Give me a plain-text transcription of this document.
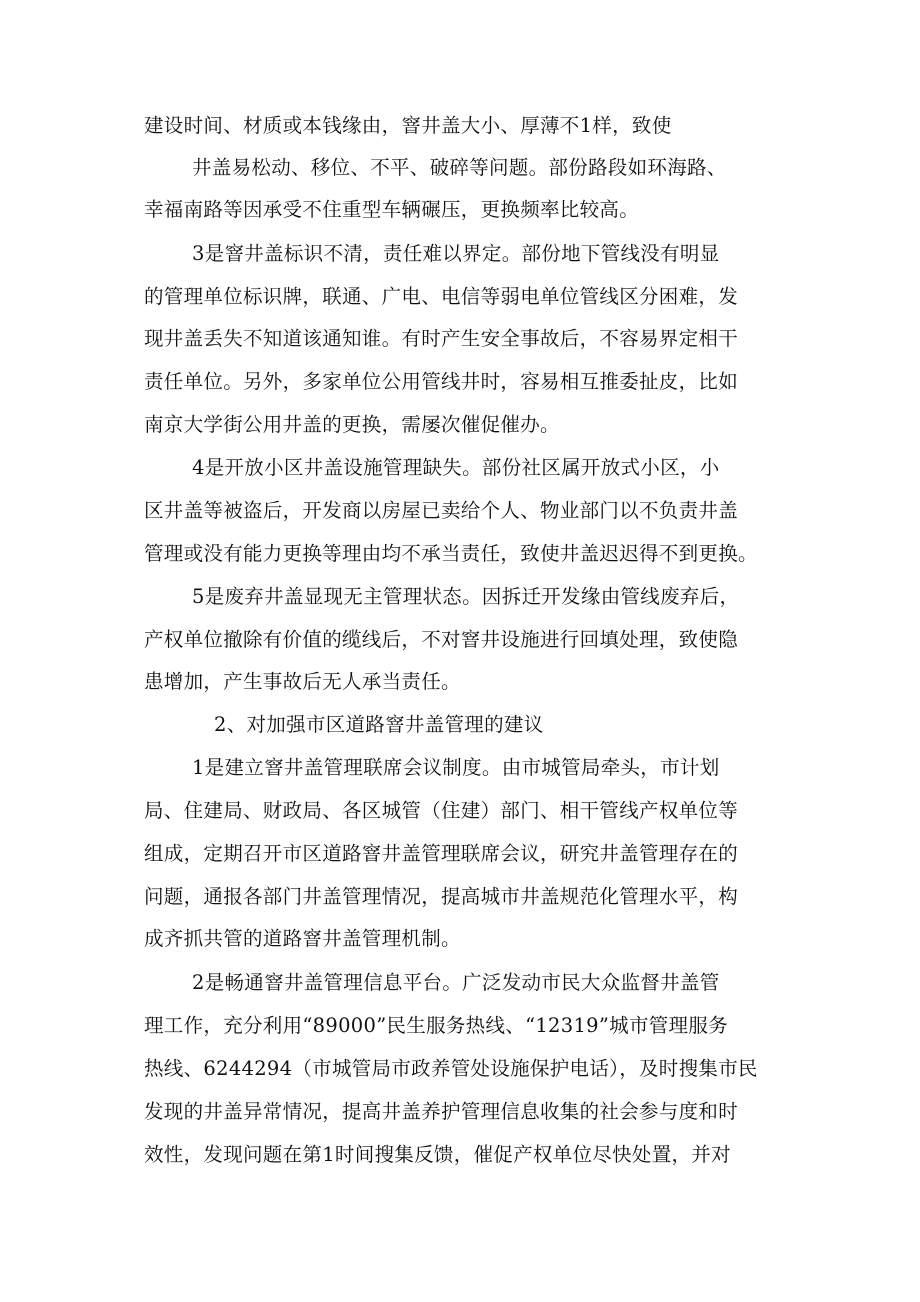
建设时间、材质或本钱缘由，窨井盖大小、厚薄不1样，致使

井盖易松动、移位、不平、破碎等问题。部份路段如环海路、

幸福南路等因承受不住重型车辆碾压，更换频率比较高。

3是窨井盖标识不清，责任难以界定。部份地下管线没有明显

的管理单位标识牌，联通、广电、电信等弱电单位管线区分困难，发

现井盖丢失不知道该通知谁。有时产生安全事故后，不容易界定相干

责任单位。另外，多家单位公用管线井时，容易相互推委扯皮，比如

南京大学街公用井盖的更换，需屡次催促催办。

4是开放小区井盖设施管理缺失。部份社区属开放式小区，小

区井盖等被盗后，开发商以房屋已卖给个人、物业部门以不负责井盖

管理或没有能力更换等理由均不承当责任，致使井盖迟迟得不到更换。

5是废弃井盖显现无主管理状态。因拆迁开发缘由管线废弃后，

产权单位撤除有价值的缆线后，不对窨井设施进行回填处理，致使隐

患增加，产生事故后无人承当责任。

2、对加强市区道路窨井盖管理的建议

1是建立窨井盖管理联席会议制度。由市城管局牵头，市计划

局、住建局、财政局、各区城管（住建）部门、相干管线产权单位等

组成，定期召开市区道路窨井盖管理联席会议，研究井盖管理存在的

问题，通报各部门井盖管理情况，提高城市井盖规范化管理水平，构

成齐抓共管的道路窨井盖管理机制。

2是畅通窨井盖管理信息平台。广泛发动市民大众监督井盖管

理工作，充分利用“89000”民生服务热线、“12319”城市管理服务

热线、6244294（市城管局市政养管处设施保护电话），及时搜集市民

发现的井盖异常情况，提高井盖养护管理信息收集的社会参与度和时

效性，发现问题在第1时间搜集反馈，催促产权单位尽快处置，并对
